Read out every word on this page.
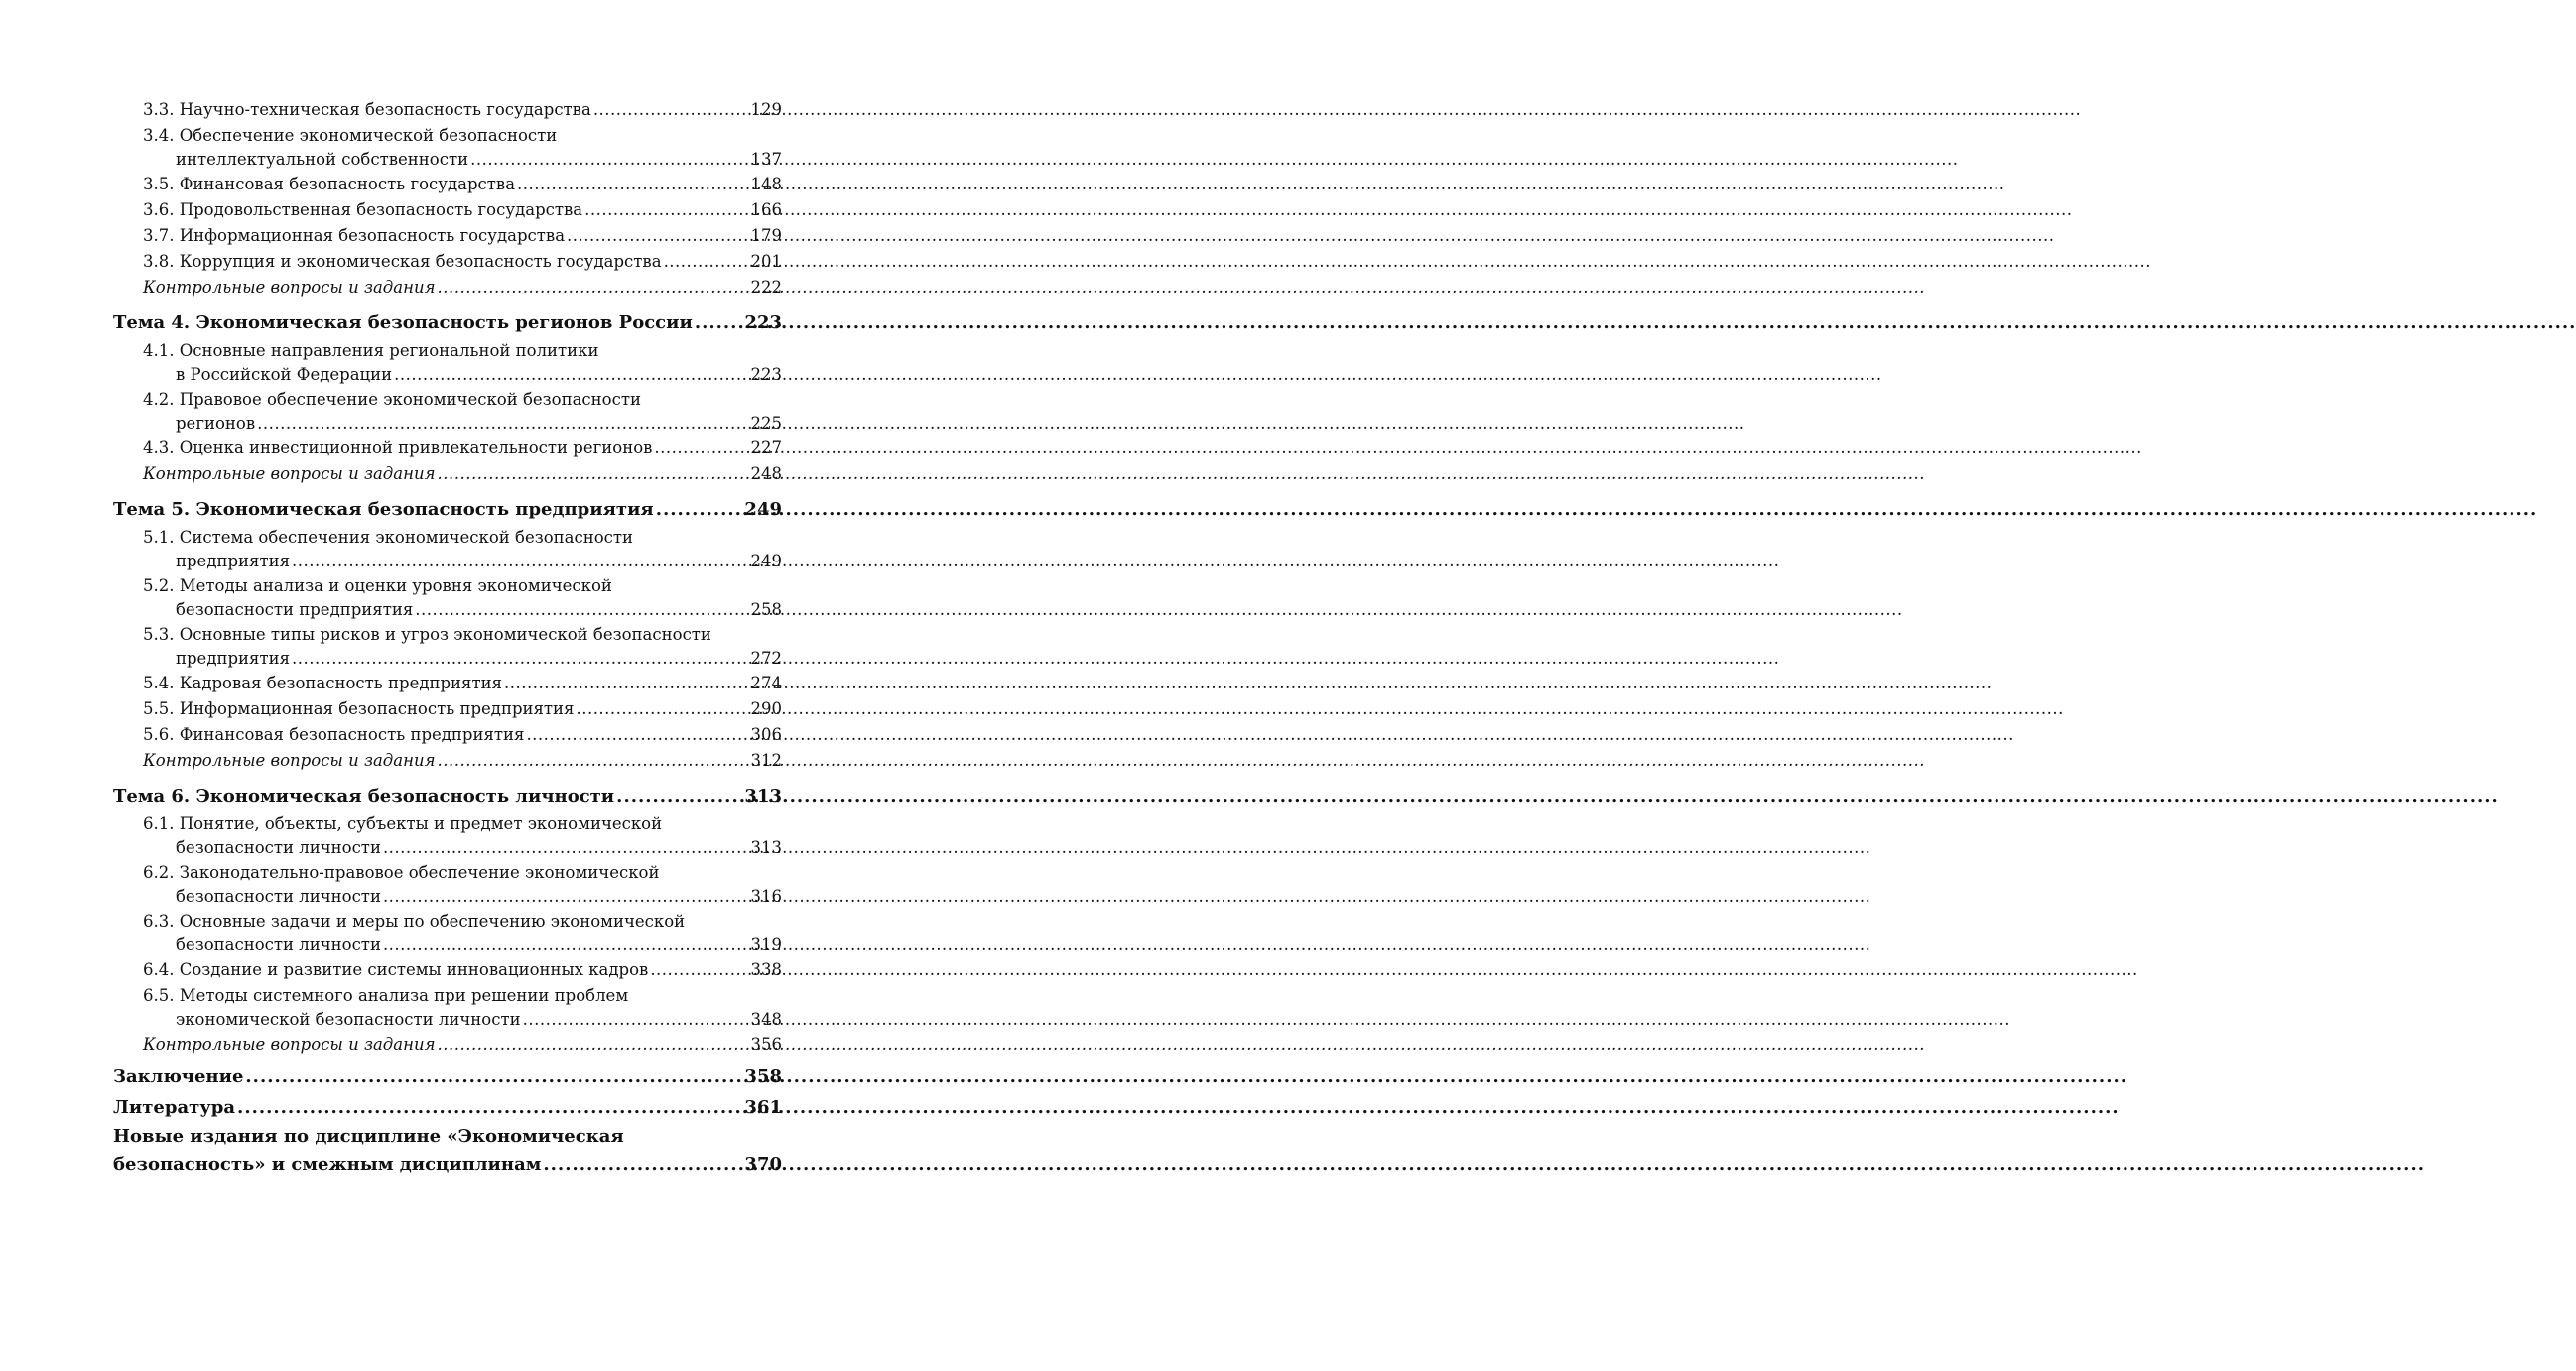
3.3. Научно-техническая безопасность государства .....	129
3.4. Обеспечение экономической безопасности
интеллектуальной собственности .....	137
3.5. Финансовая безопасность государства .....	148
3.6. Продовольственная безопасность государства .....	166
3.7. Информационная безопасность государства .....	179
3.8. Коррупция и экономическая безопасность государства .....	201
Контрольные вопросы и задания .....	222
Тема 4. Экономическая безопасность регионов России .....	223
4.1. Основные направления региональной политики
в Российской Федерации .....	223
4.2. Правовое обеспечение экономической безопасности
регионов .....	225
4.3. Оценка инвестиционной привлекательности регионов .....	227
Контрольные вопросы и задания .....	248
Тема 5. Экономическая безопасность предприятия .....	249
5.1. Система обеспечения экономической безопасности
предприятия .....	249
5.2. Методы анализа и оценки уровня экономической
безопасности предприятия .....	258
5.3. Основные типы рисков и угроз экономической безопасности
предприятия .....	272
5.4. Кадровая безопасность предприятия .....	274
5.5. Информационная безопасность предприятия .....	290
5.6. Финансовая безопасность предприятия .....	306
Контрольные вопросы и задания .....	312
Тема 6. Экономическая безопасность личности .....	313
6.1. Понятие, объекты, субъекты и предмет экономической
безопасности личности .....	313
6.2. Законодательно-правовое обеспечение экономической
безопасности личности .....	316
6.3. Основные задачи и меры по обеспечению экономической
безопасности личности .....	319
6.4. Создание и развитие системы инновационных кадров .....	338
6.5. Методы системного анализа при решении проблем
экономической безопасности личности .....	348
Контрольные вопросы и задания .....	356
Заключение .....	358
Литература .....	361
Новые издания по дисциплине «Экономическая
безопасность» и смежным дисциплинам .....	370
